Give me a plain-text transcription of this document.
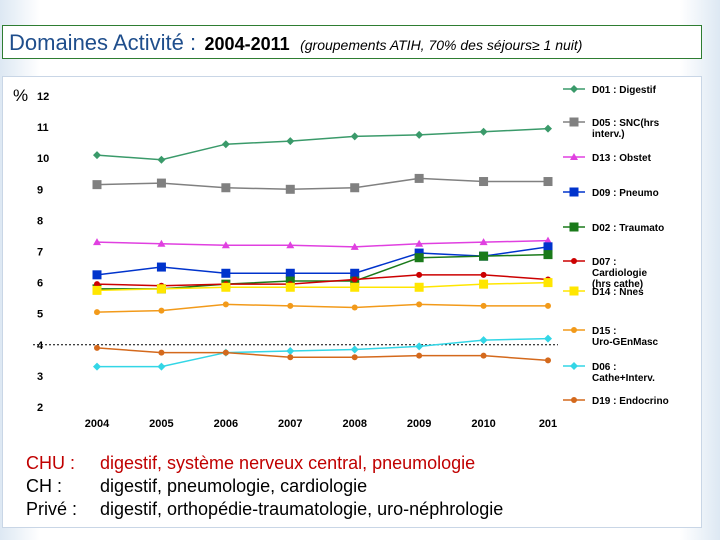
Domaines Activité : 2004-2011 (groupements ATIH, 70% des séjours≥ 1 nuit)
%
2
3
4
5
6
7
8
9
10
11
12
2004	2005	2006	2007	2008	2009	2010	201
D01 : Digestif
D05 : SNC(hrs
interv.)
D13 : Obstet
D09 : Pneumo
D02 : Traumato
D07 :
Cardiologie
(hrs cathe)
D14 : Nnes
D15 :
Uro-GEnMasc
D06 :
Cathe+Interv.
D19 : Endocrino
CHU : digestif, système nerveux central, pneumologie
CH : digestif, pneumologie, cardiologie
Privé : digestif, orthopédie-traumatologie, uro-néphrologie
